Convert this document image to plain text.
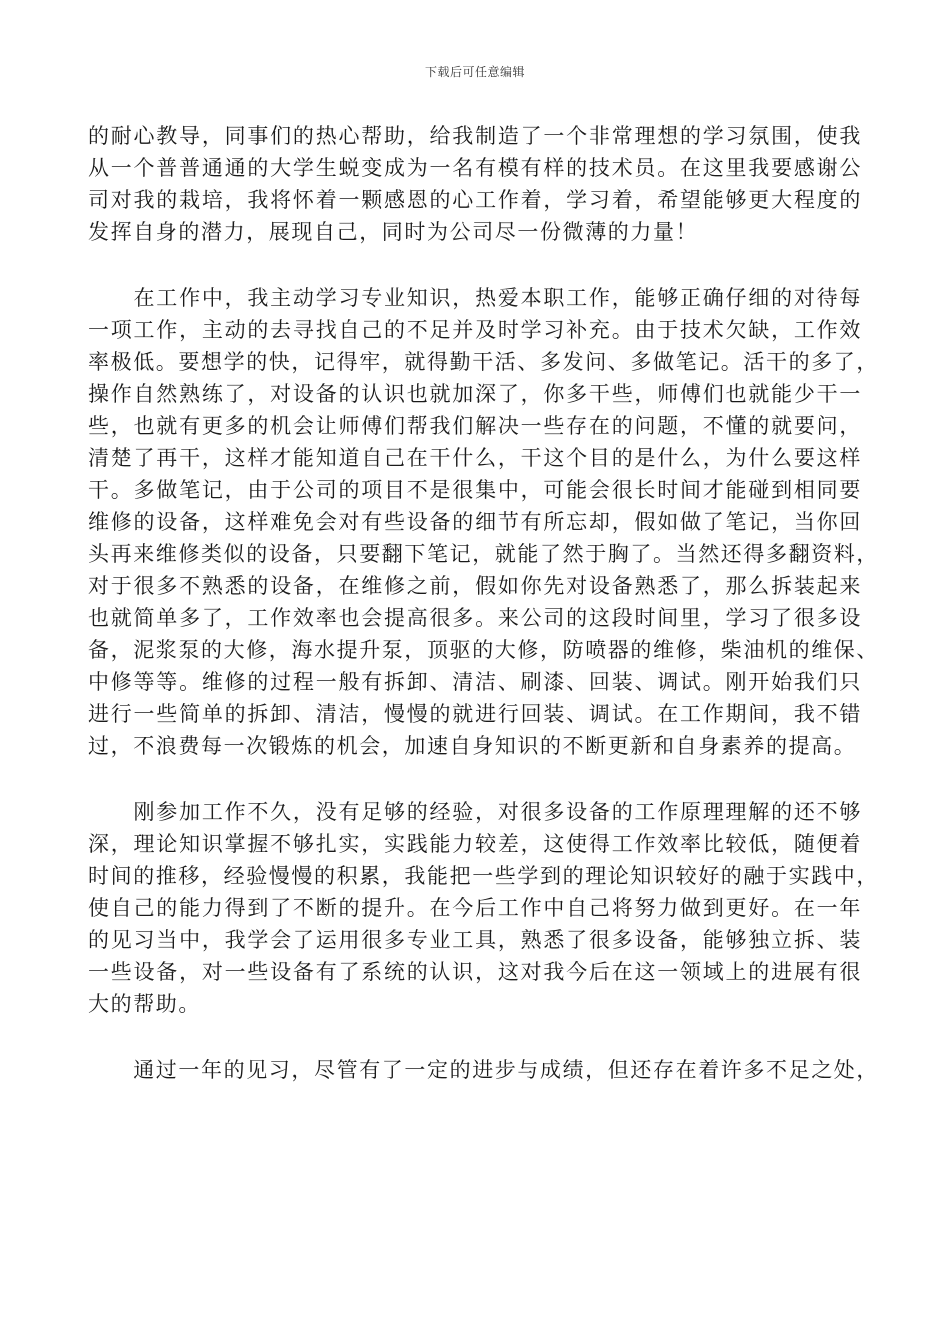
下载后可任意编辑

的耐心教导，同事们的热心帮助，给我制造了一个非常理想的学习氛围，使我
从一个普普通通的大学生蜕变成为一名有模有样的技术员。在这里我要感谢公
司对我的栽培，我将怀着一颗感恩的心工作着，学习着，希望能够更大程度的
发挥自身的潜力，展现自己，同时为公司尽一份微薄的力量！

　　在工作中，我主动学习专业知识，热爱本职工作，能够正确仔细的对待每
一项工作，主动的去寻找自己的不足并及时学习补充。由于技术欠缺，工作效
率极低。要想学的快，记得牢，就得勤干活、多发问、多做笔记。活干的多了，
操作自然熟练了，对设备的认识也就加深了，你多干些，师傅们也就能少干一
些，也就有更多的机会让师傅们帮我们解决一些存在的问题，不懂的就要问，
清楚了再干，这样才能知道自己在干什么，干这个目的是什么，为什么要这样
干。多做笔记，由于公司的项目不是很集中，可能会很长时间才能碰到相同要
维修的设备，这样难免会对有些设备的细节有所忘却，假如做了笔记，当你回
头再来维修类似的设备，只要翻下笔记，就能了然于胸了。当然还得多翻资料，
对于很多不熟悉的设备，在维修之前，假如你先对设备熟悉了，那么拆装起来
也就简单多了，工作效率也会提高很多。来公司的这段时间里，学习了很多设
备，泥浆泵的大修，海水提升泵，顶驱的大修，防喷器的维修，柴油机的维保、
中修等等。维修的过程一般有拆卸、清洁、刷漆、回装、调试。刚开始我们只
进行一些简单的拆卸、清洁，慢慢的就进行回装、调试。在工作期间，我不错
过，不浪费每一次锻炼的机会，加速自身知识的不断更新和自身素养的提高。

　　刚参加工作不久，没有足够的经验，对很多设备的工作原理理解的还不够
深，理论知识掌握不够扎实，实践能力较差，这使得工作效率比较低，随便着
时间的推移，经验慢慢的积累，我能把一些学到的理论知识较好的融于实践中，
使自己的能力得到了不断的提升。在今后工作中自己将努力做到更好。在一年
的见习当中，我学会了运用很多专业工具，熟悉了很多设备，能够独立拆、装
一些设备，对一些设备有了系统的认识，这对我今后在这一领域上的进展有很
大的帮助。

　　通过一年的见习，尽管有了一定的进步与成绩，但还存在着许多不足之处，
